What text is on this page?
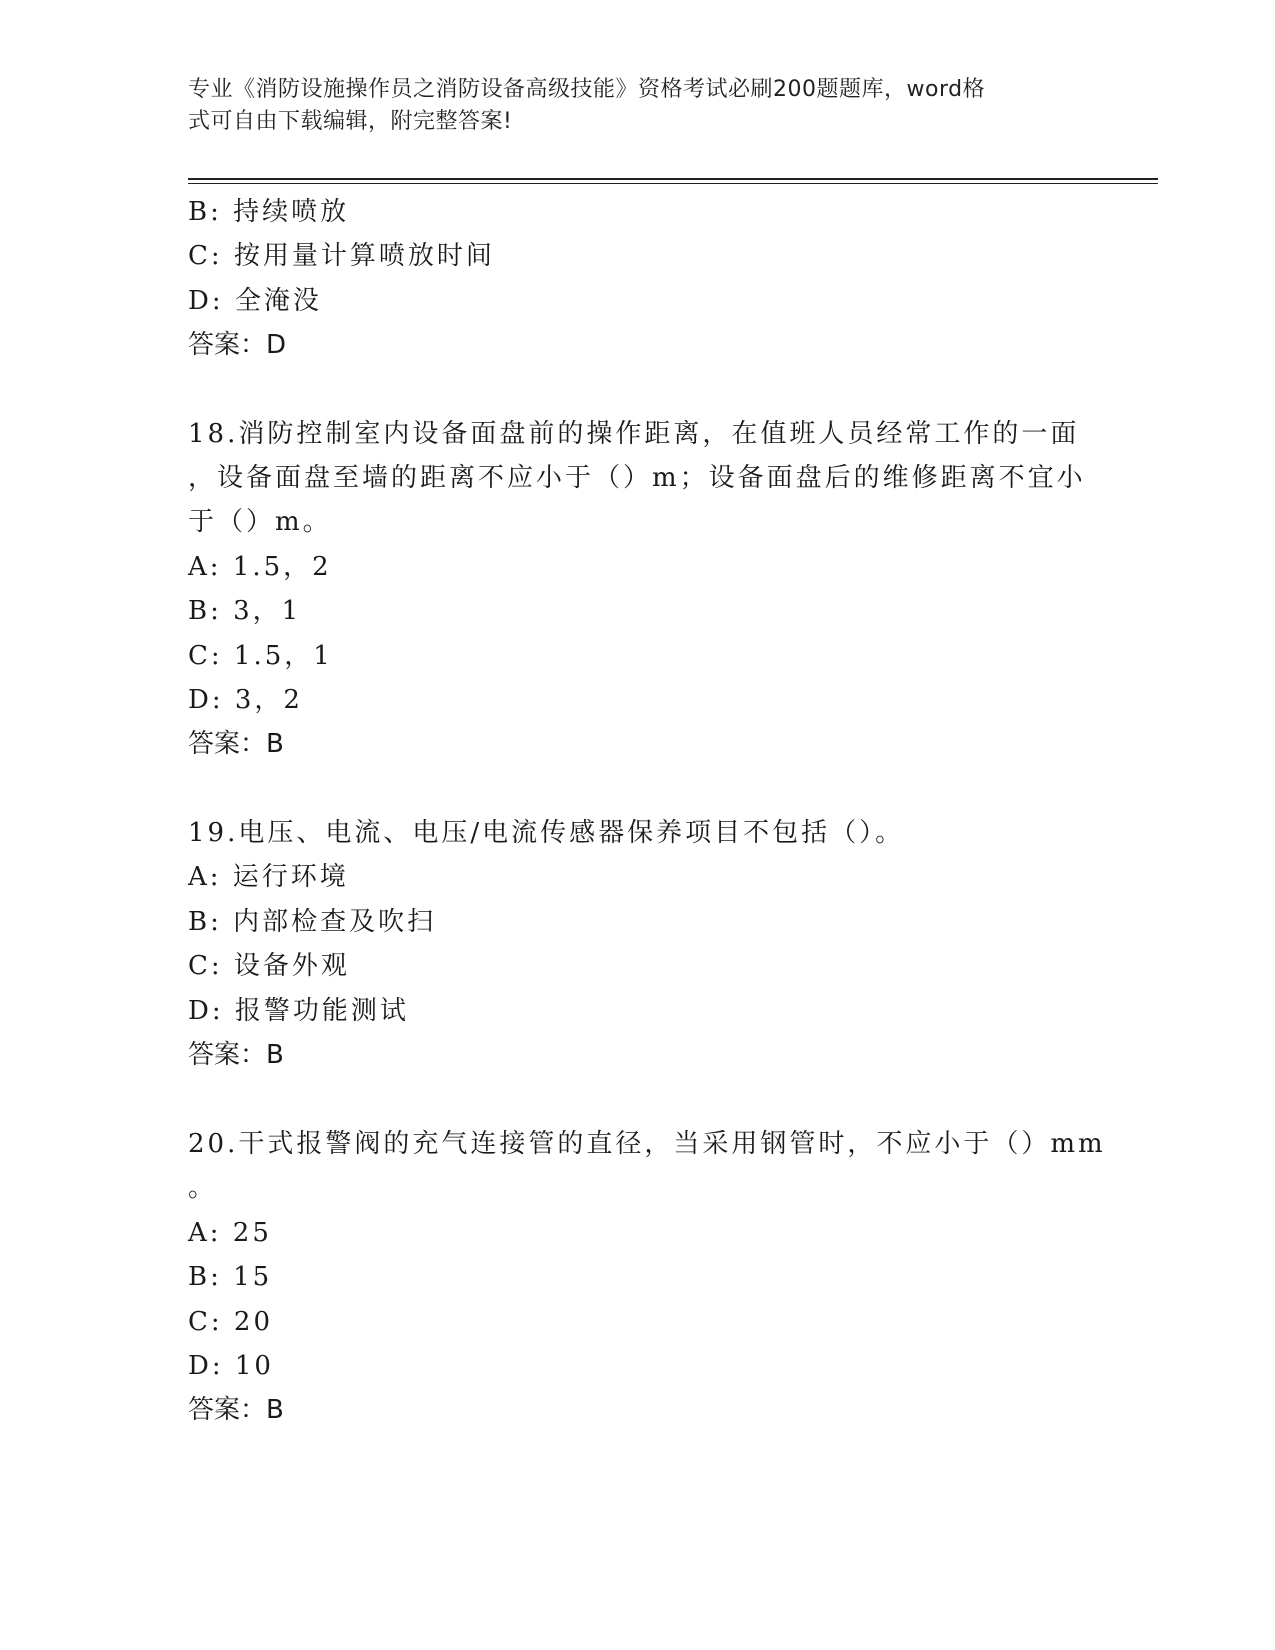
专业《消防设施操作员之消防设备高级技能》资格考试必刷200题题库，word格
式可自由下载编辑，附完整答案!
B: 持续喷放
C: 按用量计算喷放时间
D: 全淹没
答案：D
18.消防控制室内设备面盘前的操作距离，在值班人员经常工作的一面
，设备面盘至墙的距离不应小于（）m；设备面盘后的维修距离不宜小
于（）m。
A: 1.5，2
B: 3，1
C: 1.5，1
D: 3，2
答案：B
19.电压、电流、电压/电流传感器保养项目不包括（）。
A: 运行环境
B: 内部检查及吹扫
C: 设备外观
D: 报警功能测试
答案：B
20.干式报警阀的充气连接管的直径，当采用钢管时，不应小于（）mm
。
A: 25
B: 15
C: 20
D: 10
答案：B
